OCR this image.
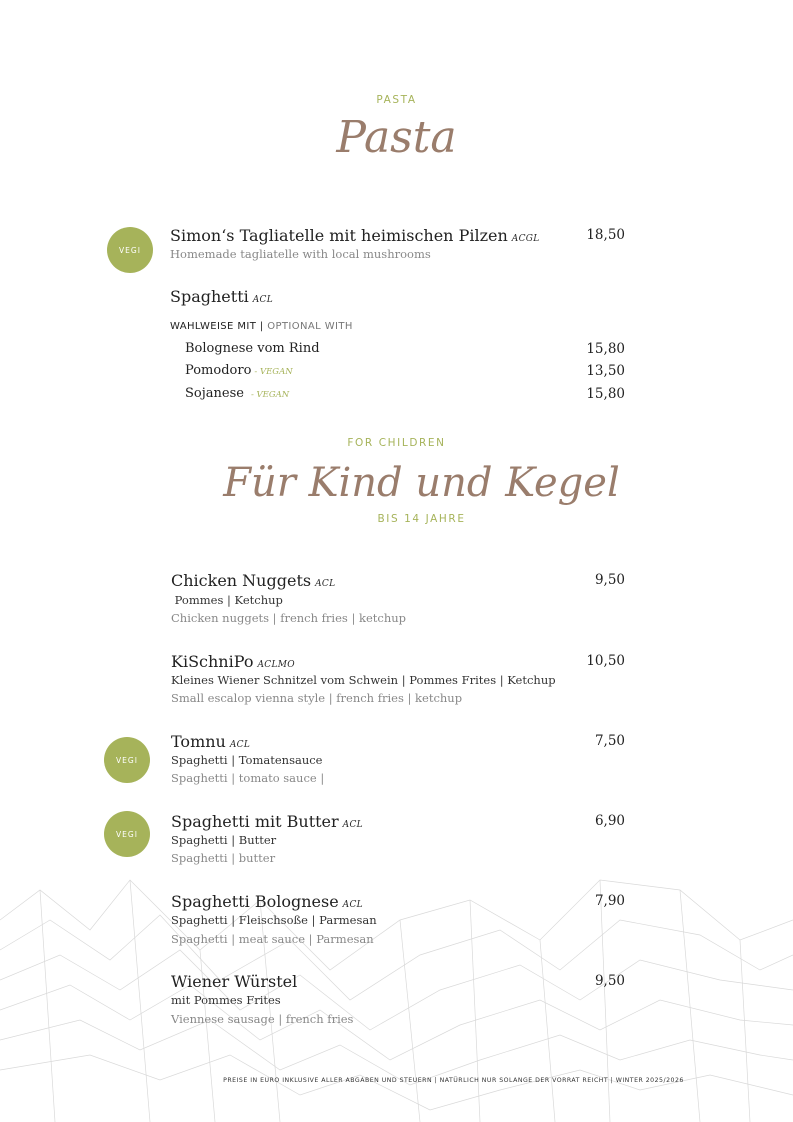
PASTA
Pasta
VEGI
Simon‘s Tagliatelle mit heimischen Pilzen ACGL	18,50
Homemade tagliatelle with local mushrooms
Spaghetti ACL
WAHLWEISE MIT | OPTIONAL WITH
Bolognese vom Rind	15,80
Pomodoro - VEGAN	13,50
Sojanese - VEGAN	15,80
FOR CHILDREN
Für Kind und Kegel
BIS 14 JAHRE
Chicken Nuggets ACL	9,50
Pommes | Ketchup
Chicken nuggets | french fries | ketchup
KiSchniPo ACLMO	10,50
Kleines Wiener Schnitzel vom Schwein | Pommes Frites | Ketchup
Small escalop vienna style | french fries | ketchup
VEGI
Tomnu ACL	7,50
Spaghetti | Tomatensauce
Spaghetti | tomato sauce |
VEGI
Spaghetti mit Butter ACL	6,90
Spaghetti | Butter
Spaghetti | butter
Spaghetti Bolognese ACL	7,90
Spaghetti | Fleischsoße | Parmesan
Spaghetti | meat sauce | Parmesan
Wiener Würstel	9,50
mit Pommes Frites
Viennese sausage | french fries
PREISE IN EURO INKLUSIVE ALLER ABGABEN UND STEUERN | NATÜRLICH NUR SOLANGE DER VORRAT REICHT | WINTER 2025/2026
